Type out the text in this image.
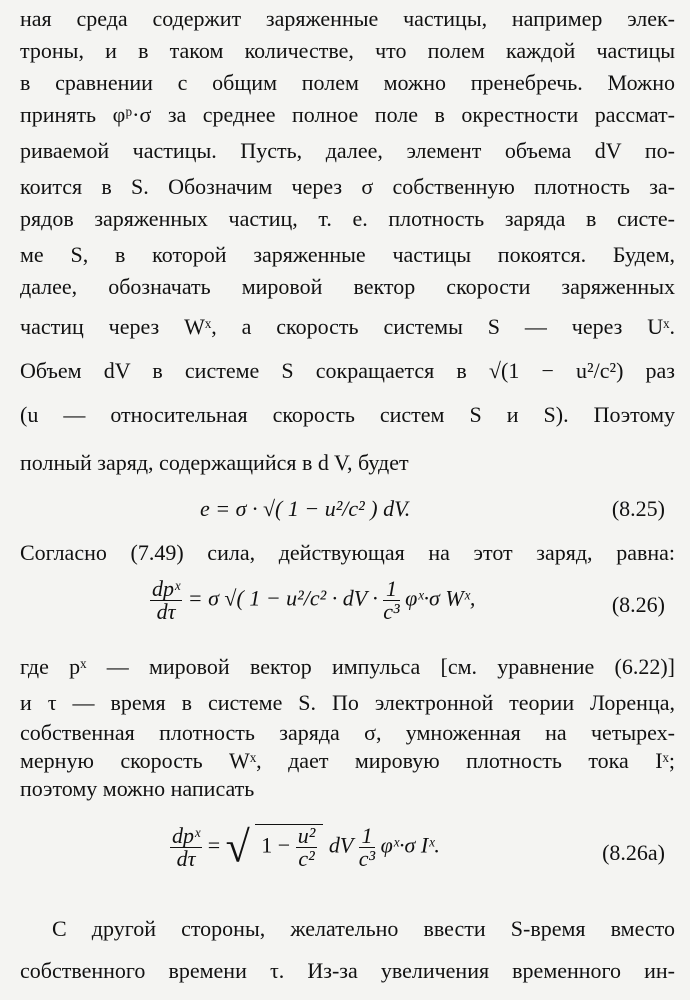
ная среда содержит заряженные частицы, например элек-
троны, и в таком количестве, что полем каждой частицы
в сравнении с общим полем можно пренебречь. Можно
принять φᵖ·σ за среднее полное поле в окрестности рассмат-
риваемой частицы. Пусть, далее, элемент объема dV по-
коится в S. Обозначим через σ собственную плотность за-
рядов заряженных частиц, т. е. плотность заряда в систе-
ме S, в которой заряженные частицы покоятся. Будем,
далее, обозначать мировой вектор скорости заряженных
частиц через Wˣ, а скорость системы S — через Uˣ.
Объем dV в системе S сокращается в √(1 − u²/c²) раз
(u — относительная скорость систем S и S). Поэтому
полный заряд, содержащийся в d V, будет
e = σ · √( 1 − u²/c² ) dV.	(8.25)
Согласно (7.49) сила, действующая на этот заряд, равна:
$\frac{\text{dpˣ}}{d\tau} = \sigma$ √( 1 − u²/c² · dV · $\frac{1}{\text{c³}}$ φˣ·σ Wˣ,	(8.26)
где pˣ — мировой вектор импульса [см. уравнение (6.22)]
и τ — время в системе S. По электронной теории Лоренца,
собственная плотность заряда σ, умноженная на четырех-
мерную скорость Wˣ, дает мировую плотность тока Iˣ;
поэтому можно написать
$\frac{\text{dpˣ}}{d\tau}$ = √ $1 - \frac{\text{u²}}{\text{c²}}$ dV $\frac{1}{\text{c³}}$ φˣ·σ Iˣ.	(8.26a)
С другой стороны, желательно ввести S-время вместо
собственного времени τ. Из-за увеличения временного ин-
